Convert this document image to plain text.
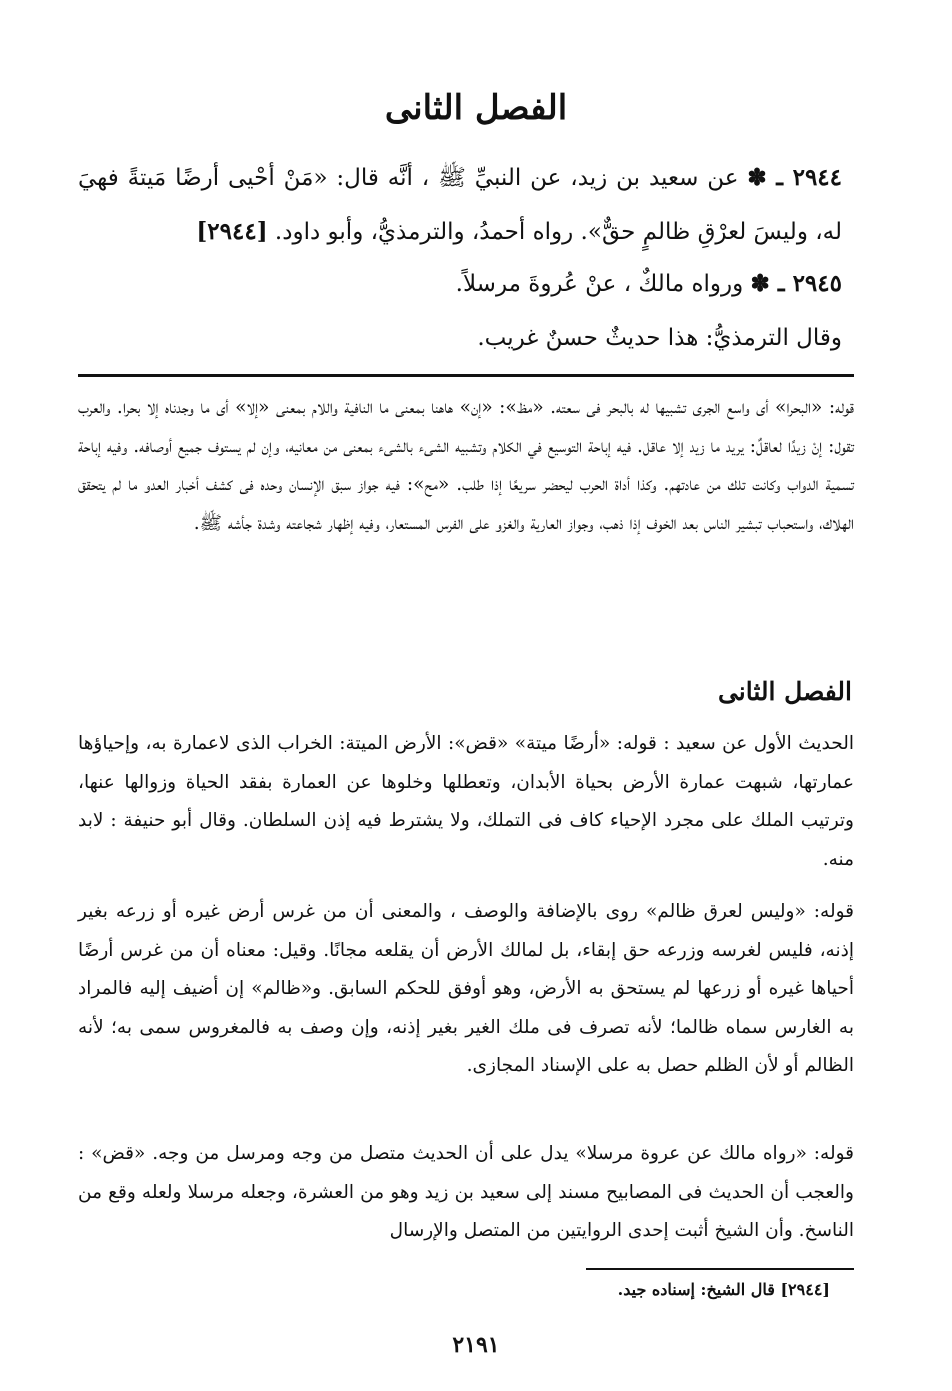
الفصل الثانى
٢٩٤٤ ـ ✽ عن سعيد بن زيد، عن النبيِّ ﷺ ، أنَّه قال: «مَنْ أحْيى أرضًا مَيتةً فهيَ له، وليسَ لعرْقِ ظالمٍ حقٌّ». رواه أحمدُ، والترمذيُّ، وأبو داود. [٢٩٤٤]
٢٩٤٥ ـ ✽ ورواه مالكٌ ، عنْ عُروةَ مرسلاً.
وقال الترمذيُّ: هذا حديثٌ حسنٌ غريب.
قوله: «البحرا» أى واسع الجرى تشبيها له بالبحر فى سعته. «مظ»: «إن» هاهنا بمعنى ما النافية واللام بمعنى «إلا» أى ما وجدناه إلا بحرا. والعرب تقول: إنْ زيدًا لعاقلٌ: يريد ما زيد إلا عاقل. فيه إباحة التوسيع في الكلام وتشبيه الشىء بالشىء بمعنى من معانيه، وإن لم يستوف جميع أوصافه. وفيه إباحة تسمية الدواب وكانت تلك من عادتهم. وكذا أداة الحرب ليحضر سريعًا إذا طلب. «مح»: فيه جواز سبق الإنسان وحده فى كشف أخبار العدو ما لم يتحقق الهلاك، واستحباب تبشير الناس بعد الخوف إذا ذهب، وجواز العارية والغزو على الفرس المستعار، وفيه إظهار شجاعته وشدة جأشه ﷺ.
الفصل الثانى
الحديث الأول عن سعيد : قوله: «أرضًا ميتة» «قض»: الأرض الميتة: الخراب الذى لاعمارة به، وإحياؤها عمارتها، شبهت عمارة الأرض بحياة الأبدان، وتعطلها وخلوها عن العمارة بفقد الحياة وزوالها عنها، وترتيب الملك على مجرد الإحياء كاف فى التملك، ولا يشترط فيه إذن السلطان. وقال أبو حنيفة : لابد منه.
قوله: «وليس لعرق ظالم» روى بالإضافة والوصف ، والمعنى أن من غرس أرض غيره أو زرعه بغير إذنه، فليس لغرسه وزرعه حق إبقاء، بل لمالك الأرض أن يقلعه مجانًا. وقيل: معناه أن من غرس أرضًا أحياها غيره أو زرعها لم يستحق به الأرض، وهو أوفق للحكم السابق. و«ظالم» إن أضيف إليه فالمراد به الغارس سماه ظالما؛ لأنه تصرف فى ملك الغير بغير إذنه، وإن وصف به فالمغروس سمى به؛ لأنه الظالم أو لأن الظلم حصل به على الإسناد المجازى.
قوله: «رواه مالك عن عروة مرسلا» يدل على أن الحديث متصل من وجه ومرسل من وجه. «قض» : والعجب أن الحديث فى المصابيح مسند إلى سعيد بن زيد وهو من العشرة، وجعله مرسلا ولعله وقع من الناسخ. وأن الشيخ أثبت إحدى الروايتين من المتصل والإرسال
[٢٩٤٤] قال الشيخ: إسناده جيد.
٢١٩١
